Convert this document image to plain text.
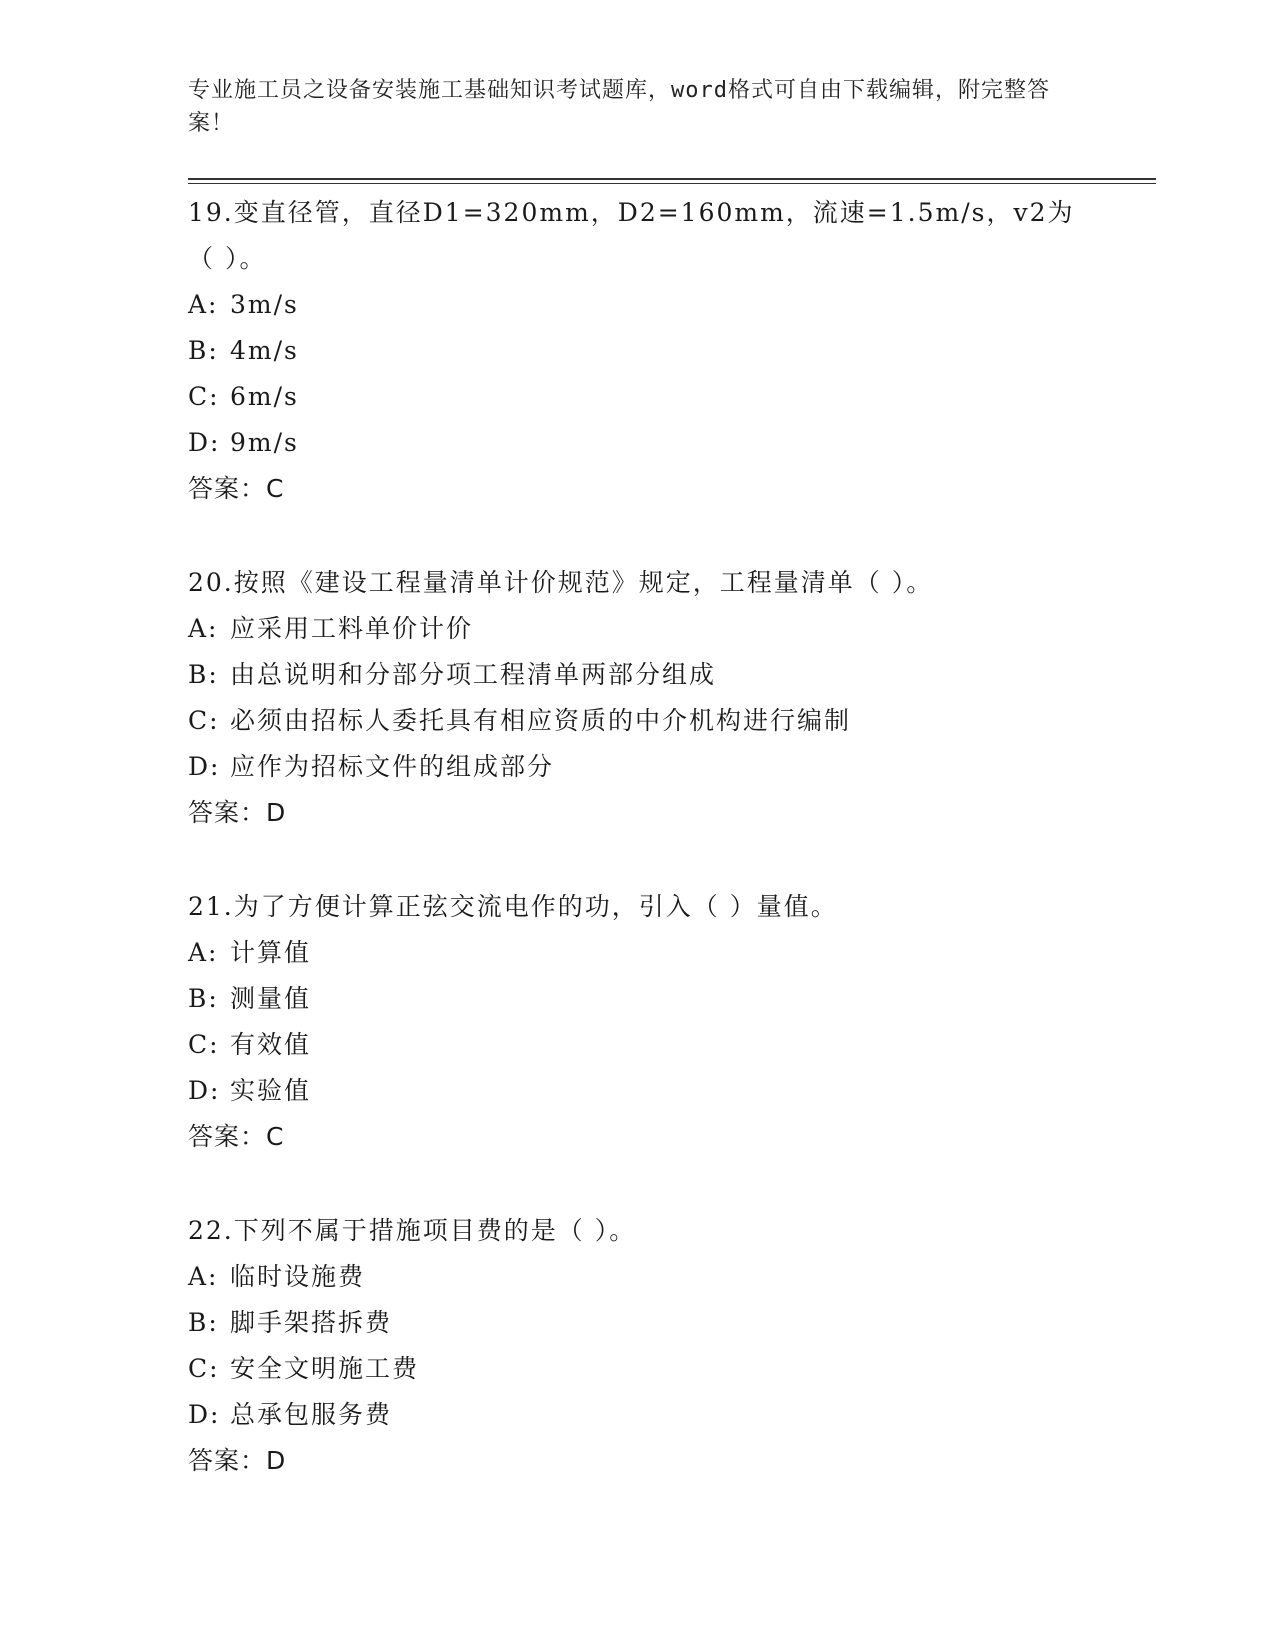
专业施工员之设备安装施工基础知识考试题库，word格式可自由下载编辑，附完整答案！

19.变直径管，直径D1=320mm，D2=160mm，流速=1.5m/s，v2为（ ）。

A: 3m/s

B: 4m/s

C: 6m/s

D: 9m/s

答案：C

20.按照《建设工程量清单计价规范》规定，工程量清单（ ）。

A: 应采用工料单价计价

B: 由总说明和分部分项工程清单两部分组成

C: 必须由招标人委托具有相应资质的中介机构进行编制

D: 应作为招标文件的组成部分

答案：D

21.为了方便计算正弦交流电作的功，引入（ ）量值。

A: 计算值

B: 测量值

C: 有效值

D: 实验值

答案：C

22.下列不属于措施项目费的是（ ）。

A: 临时设施费

B: 脚手架搭拆费

C: 安全文明施工费

D: 总承包服务费

答案：D
